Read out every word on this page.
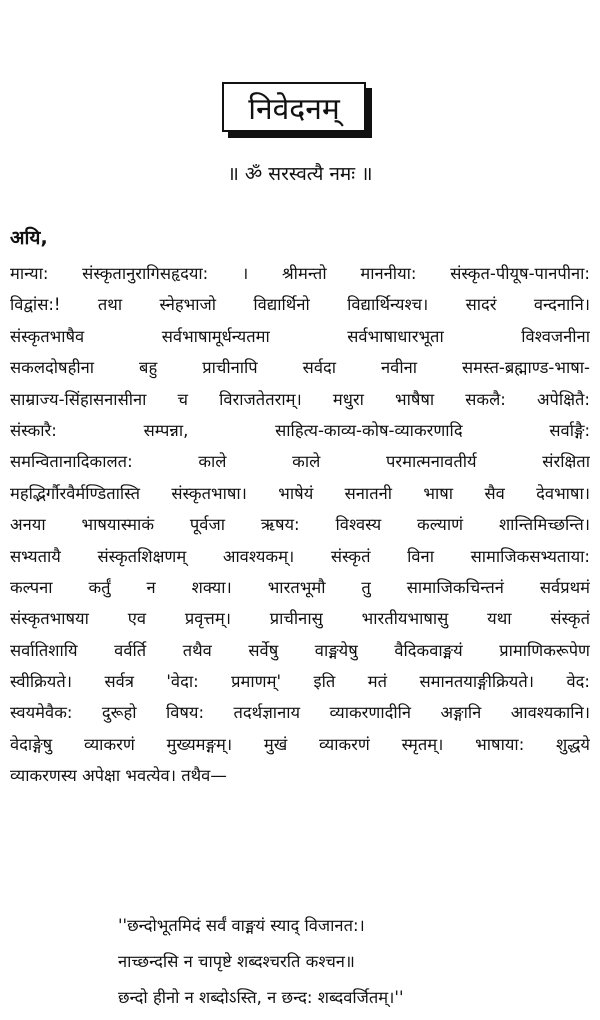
निवेदनम्
॥ ॐ सरस्वत्यै नमः ॥
अयि,
मान्या: संस्कृतानुरागिसहृदया: । श्रीमन्तो माननीया: संस्कृत-पीयूष-पानपीना:
विद्वांस:! तथा स्नेहभाजो विद्यार्थिनो विद्यार्थिन्यश्च। सादरं वन्दनानि।
संस्कृतभाषैव सर्वभाषामूर्धन्यतमा सर्वभाषाधारभूता विश्वजनीना
सकलदोषहीना बहु प्राचीनापि सर्वदा नवीना समस्त-ब्रह्माण्ड-भाषा-
साम्राज्य-सिंहासनासीना च विराजतेतराम्। मधुरा भाषैषा सकलै: अपेक्षितै:
संस्कारै: सम्पन्ना, साहित्य-काव्य-कोष-व्याकरणादि सर्वाङ्गै:
समन्वितानादिकालत: काले काले परमात्मनावतीर्य संरक्षिता
महद्भिर्गौरवैर्मण्डितास्ति संस्कृतभाषा। भाषेयं सनातनी भाषा सैव देवभाषा।
अनया भाषयास्माकं पूर्वजा ऋषय: विश्वस्य कल्याणं शान्तिमिच्छन्ति।
सभ्यतायै संस्कृतशिक्षणम् आवश्यकम्। संस्कृतं विना सामाजिकसभ्यताया:
कल्पना कर्तुं न शक्या। भारतभूमौ तु सामाजिकचिन्तनं सर्वप्रथमं
संस्कृतभाषया एव प्रवृत्तम्। प्राचीनासु भारतीयभाषासु यथा संस्कृतं
सर्वातिशायि वर्वर्ति तथैव सर्वेषु वाङ्मयेषु वैदिकवाङ्मयं प्रामाणिकरूपेण
स्वीक्रियते। सर्वत्र 'वेदा: प्रमाणम्' इति मतं समानतयाङ्गीक्रियते। वेद:
स्वयमेवैक: दुरूहो विषय: तदर्थज्ञानाय व्याकरणादीनि अङ्गानि आवश्यकानि।
वेदाङ्गेषु व्याकरणं मुख्यमङ्गम्। मुखं व्याकरणं स्मृतम्। भाषाया: शुद्धये
व्याकरणस्य अपेक्षा भवत्येव। तथैव—
''छन्दोभूतमिदं सर्वं वाङ्मयं स्याद् विजानत:।
नाच्छन्दसि न चापृष्टे शब्दश्चरति कश्चन॥
छन्दो हीनो न शब्दोऽस्ति, न छन्द: शब्दवर्जितम्।''
